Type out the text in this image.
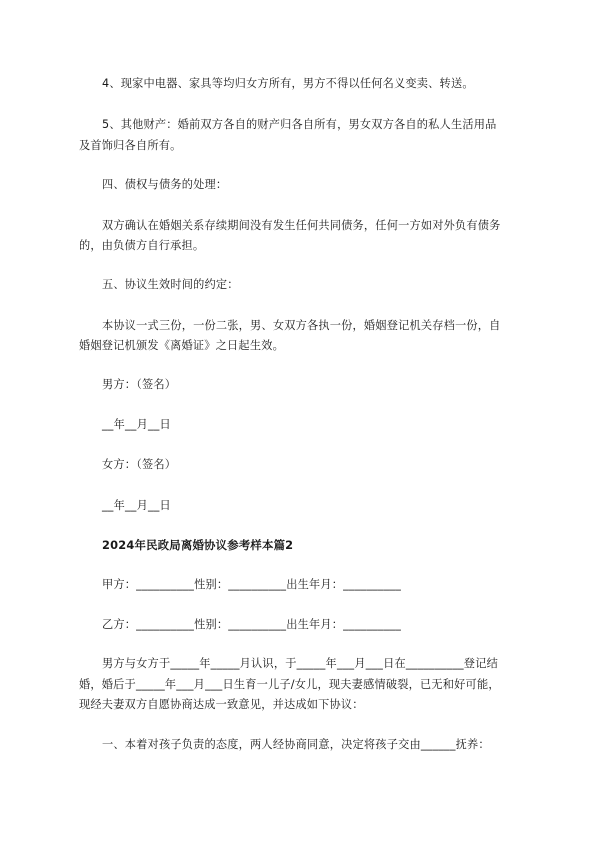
4、现家中电器、家具等均归女方所有，男方不得以任何名义变卖、转送。
5、其他财产：婚前双方各自的财产归各自所有，男女双方各自的私人生活用品
及首饰归各自所有。
四、债权与债务的处理：
双方确认在婚姻关系存续期间没有发生任何共同债务，任何一方如对外负有债务
的，由负债方自行承担。
五、协议生效时间的约定：
本协议一式三份，一份二张，男、女双方各执一份，婚姻登记机关存档一份，自
婚姻登记机颁发《离婚证》之日起生效。
男方：（签名）
__年__月__日
女方：（签名）
__年__月__日
2024年民政局离婚协议参考样本篇2
甲方：__________性别：__________出生年月：__________
乙方：__________性别：__________出生年月：__________
男方与女方于_____年_____月认识，于_____年___月___日在__________登记结
婚，婚后于_____年___月___日生育一儿子/女儿，现夫妻感情破裂，已无和好可能，
现经夫妻双方自愿协商达成一致意见，并达成如下协议：
一、本着对孩子负责的态度，两人经协商同意，决定将孩子交由______抚养：
